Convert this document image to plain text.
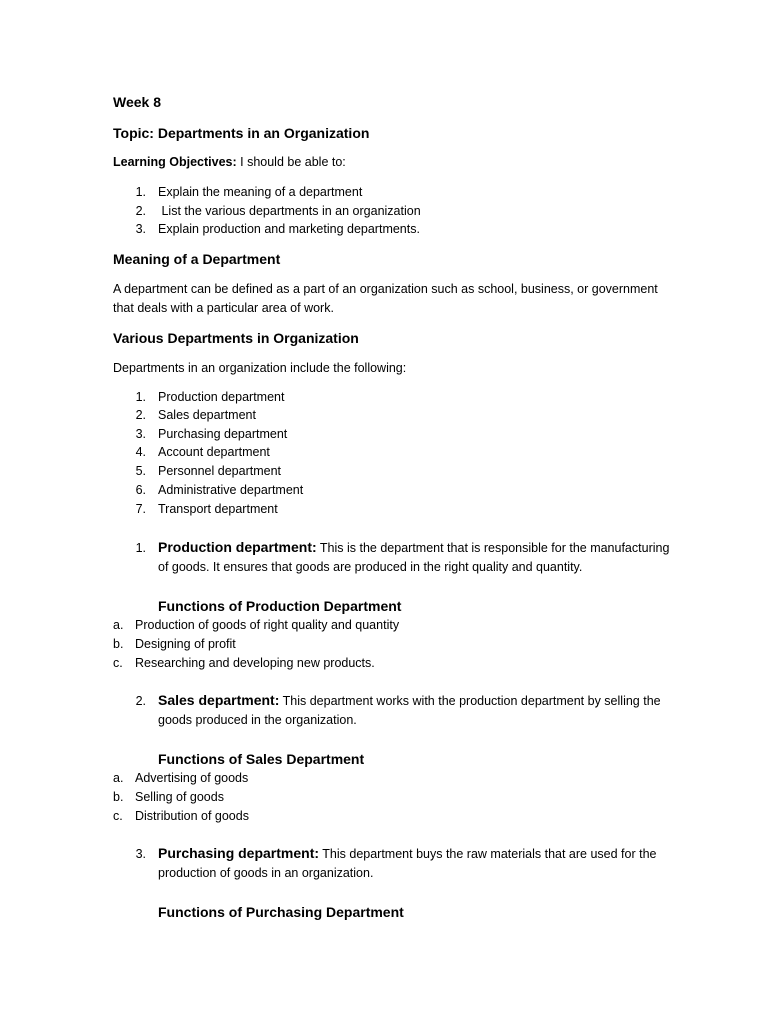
Week 8
Topic: Departments in an Organization
Learning Objectives: I should be able to:
1. Explain the meaning of a department
2. List the various departments in an organization
3. Explain production and marketing departments.
Meaning of a Department
A department can be defined as a part of an organization such as school, business, or government
that deals with a particular area of work.
Various Departments in Organization
Departments in an organization include the following:
1. Production department
2. Sales department
3. Purchasing department
4. Account department
5. Personnel department
6. Administrative department
7. Transport department
1. Production department: This is the department that is responsible for the manufacturing
of goods. It ensures that goods are produced in the right quality and quantity.
Functions of Production Department
a. Production of goods of right quality and quantity
b. Designing of profit
c. Researching and developing new products.
2. Sales department: This department works with the production department by selling the
goods produced in the organization.
Functions of Sales Department
a. Advertising of goods
b. Selling of goods
c. Distribution of goods
3. Purchasing department: This department buys the raw materials that are used for the
production of goods in an organization.
Functions of Purchasing Department
